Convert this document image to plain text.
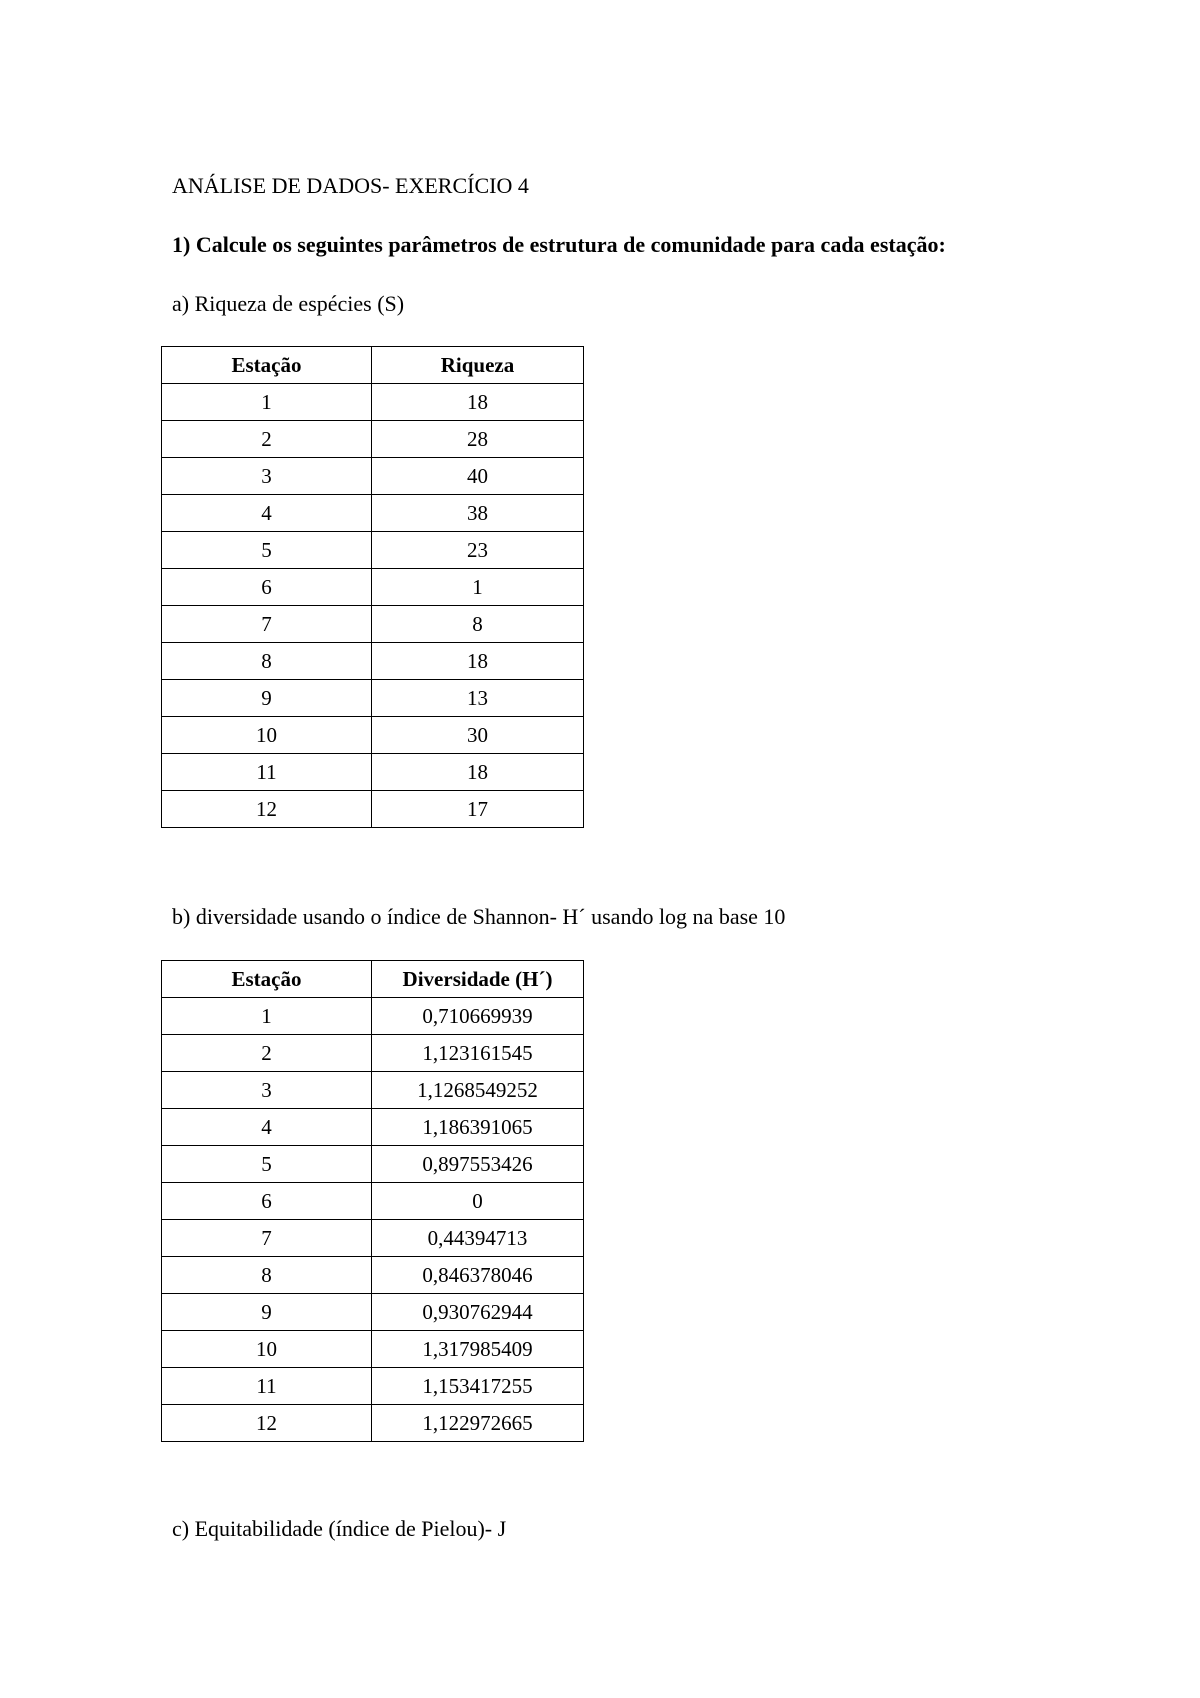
ANÁLISE DE DADOS- EXERCÍCIO 4
1) Calcule os seguintes parâmetros de estrutura de comunidade para cada estação:
a) Riqueza de espécies (S)
Estação	Riqueza
1	18
2	28
3	40
4	38
5	23
6	1
7	8
8	18
9	13
10	30
11	18
12	17
b) diversidade usando o índice de Shannon- H´ usando log na base 10
Estação	Diversidade (H´)
1	0,710669939
2	1,123161545
3	1,1268549252
4	1,186391065
5	0,897553426
6	0
7	0,44394713
8	0,846378046
9	0,930762944
10	1,317985409
11	1,153417255
12	1,122972665
c) Equitabilidade (índice de Pielou)- J
